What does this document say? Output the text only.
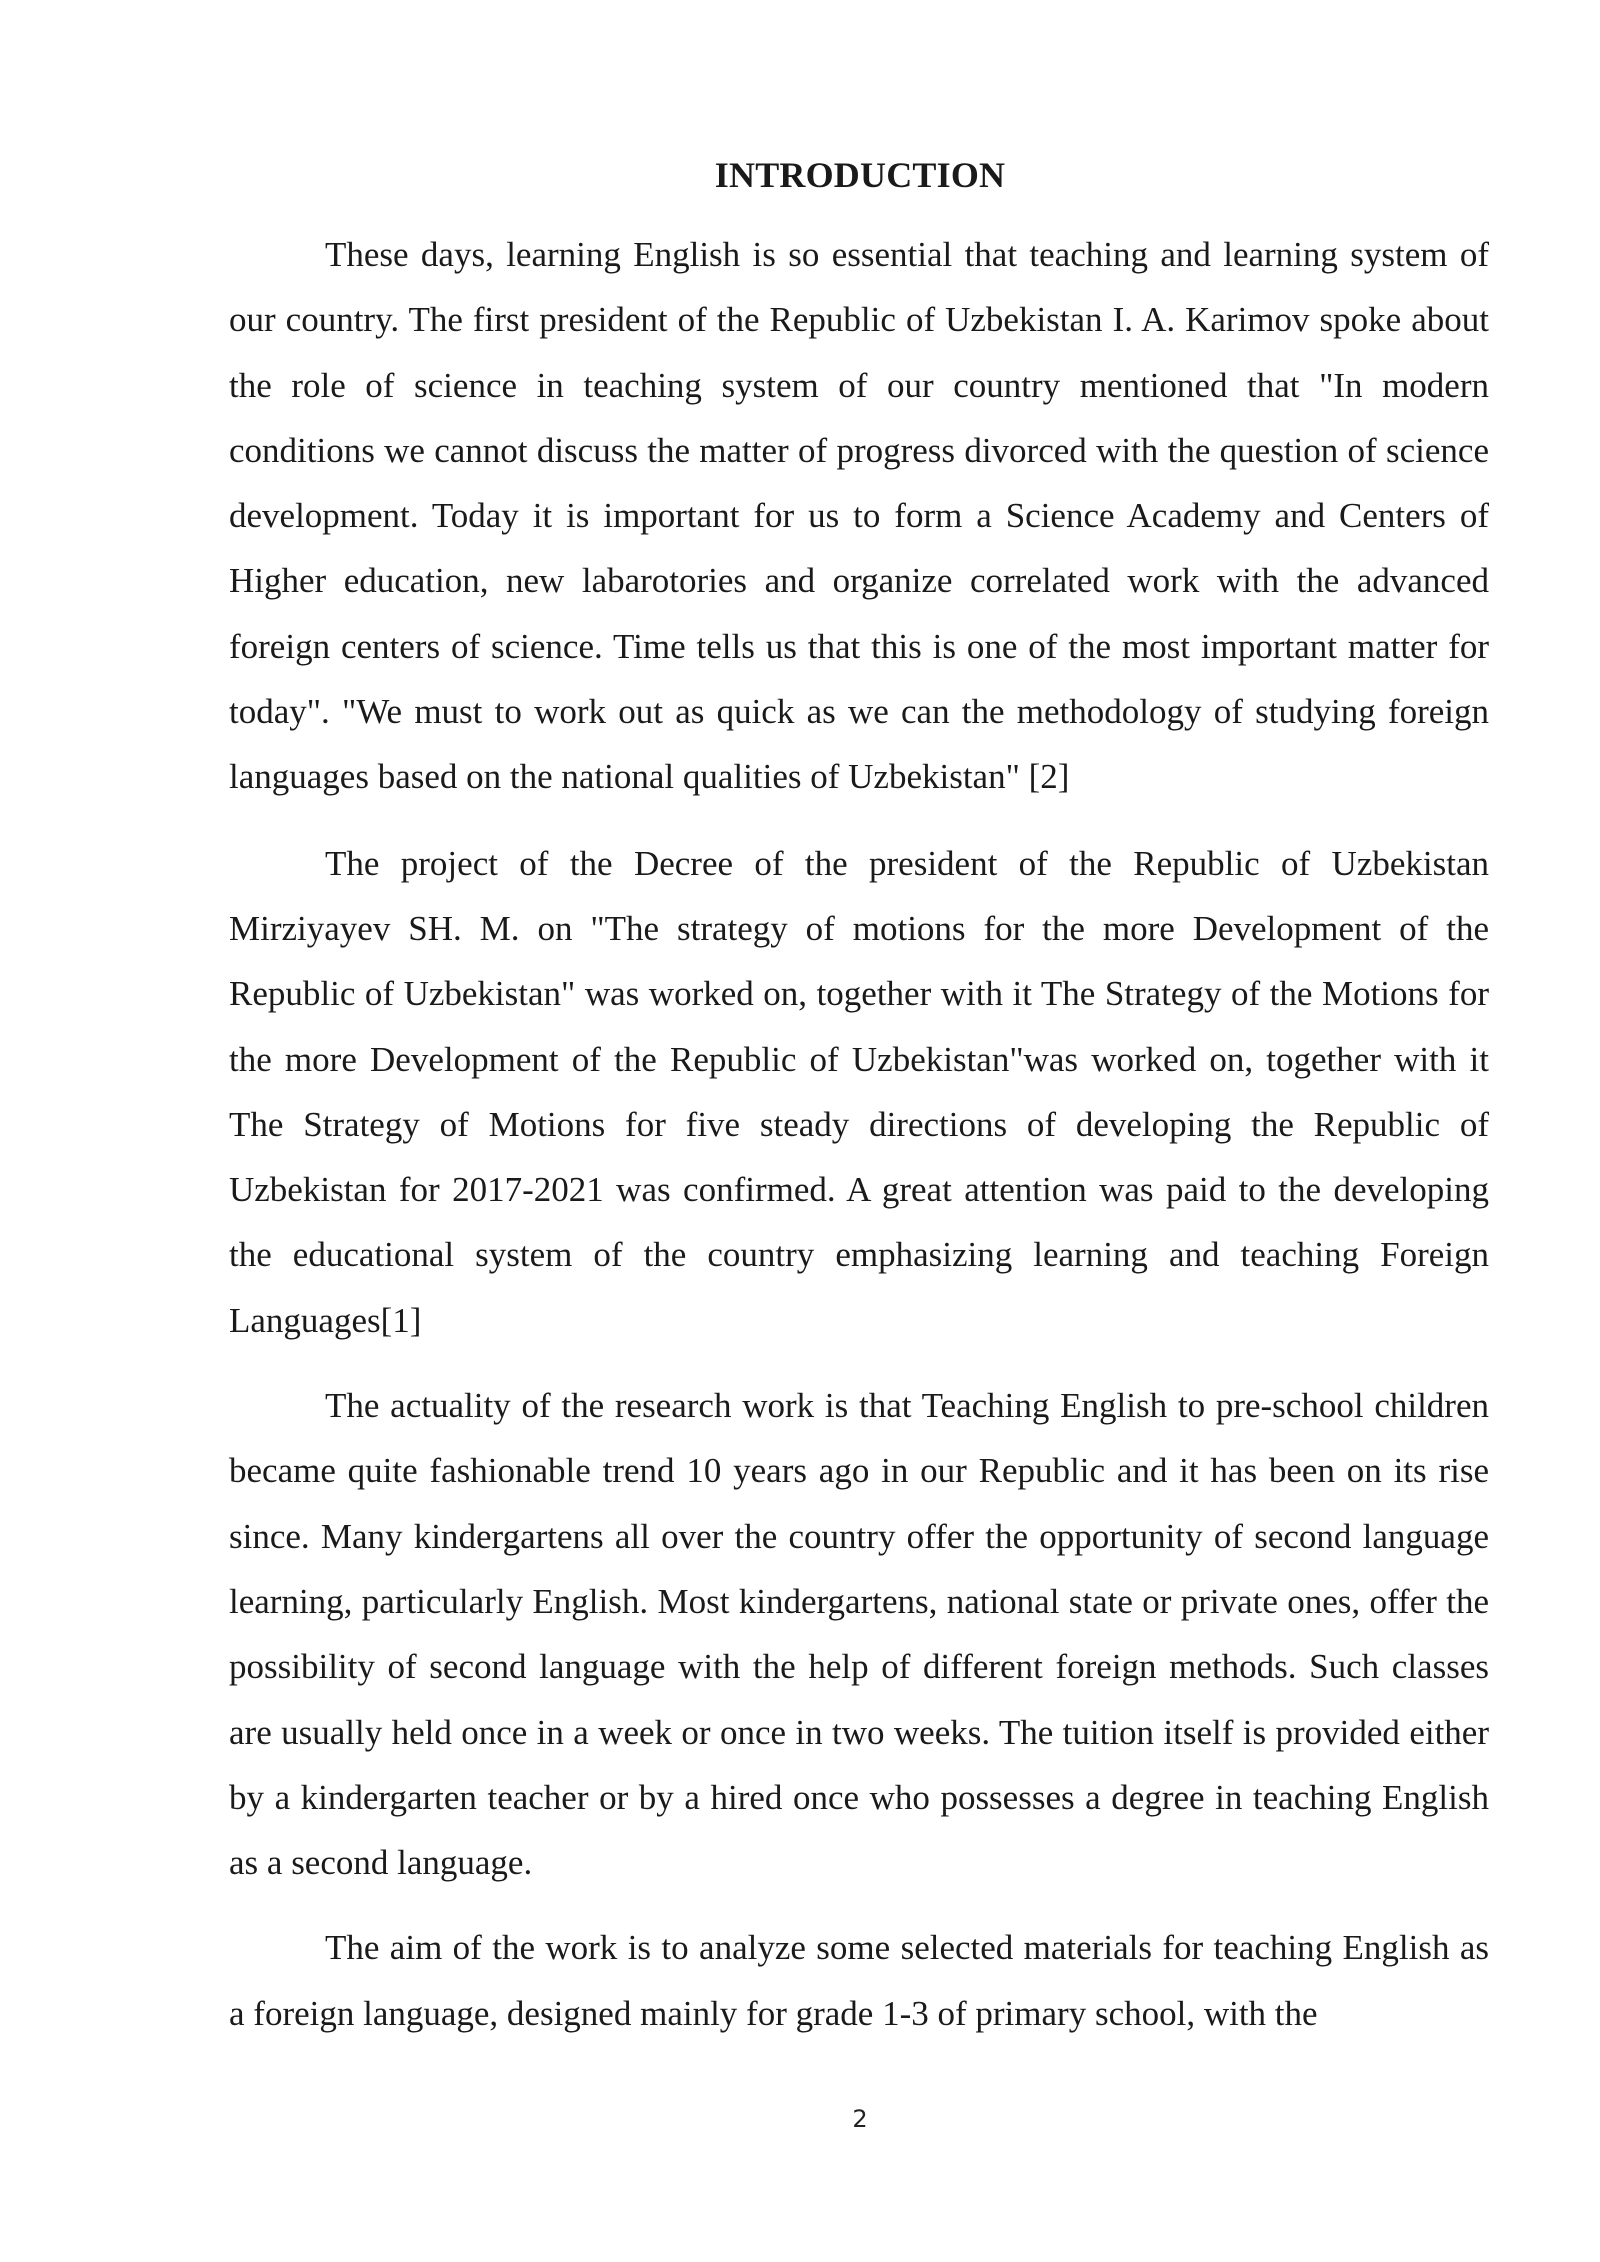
INTRODUCTION

These days, learning English is so essential that teaching and learning system of our country. The first president of the Republic of Uzbekistan I. A. Karimov spoke about the role of science in teaching system of our country mentioned that "In modern conditions we cannot discuss the matter of progress divorced with the question of science development. Today it is important for us to form a Science Academy and Centers of Higher education, new labarotories and organize correlated work with the advanced foreign centers of science. Time tells us that this is one of the most important matter for today". "We must to work out as quick as we can the methodology of studying foreign languages based on the national qualities of Uzbekistan" [2]

The project of the Decree of the president of the Republic of Uzbekistan Mirziyayev SH. M. on "The strategy of motions for the more Development of the Republic of Uzbekistan" was worked on, together with it The Strategy of the Motions for the more Development of the Republic of Uzbekistan"was worked on, together with it The Strategy of Motions for five steady directions of developing the Republic of Uzbekistan for 2017-2021 was confirmed. A great attention was paid to the developing the educational system of the country emphasizing learning and teaching Foreign Languages[1]

The actuality of the research work is that Teaching English to pre-school children became quite fashionable trend 10 years ago in our Republic and it has been on its rise since. Many kindergartens all over the country offer the opportunity of second language learning, particularly English. Most kindergartens, national state or private ones, offer the possibility of second language with the help of different foreign methods. Such classes are usually held once in a week or once in two weeks. The tuition itself is provided either by a kindergarten teacher or by a hired once who possesses a degree in teaching English as a second language.

The aim of the work is to analyze some selected materials for teaching English as a foreign language, designed mainly for grade 1-3 of primary school, with the

2
